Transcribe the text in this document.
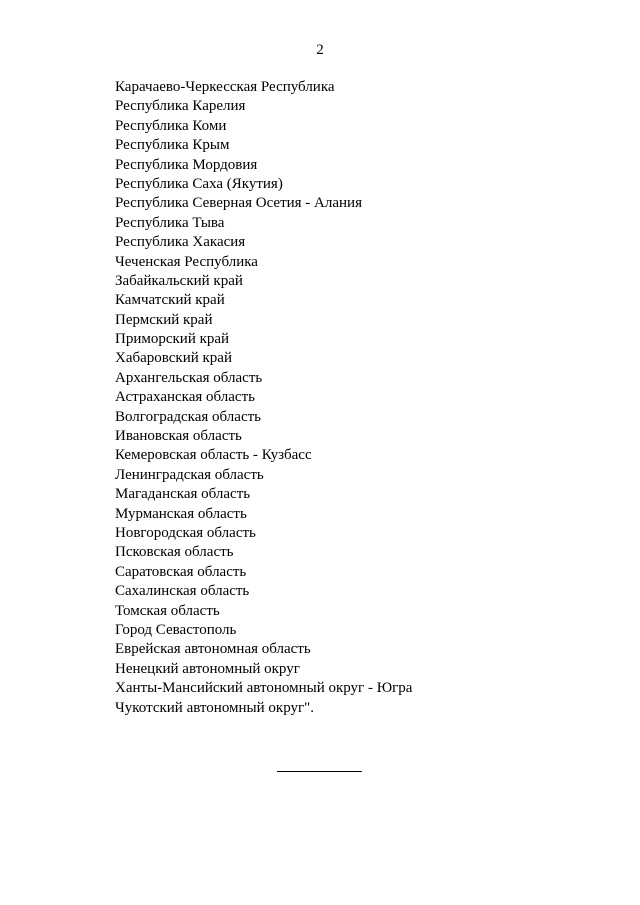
2
Карачаево-Черкесская Республика
Республика Карелия
Республика Коми
Республика Крым
Республика Мордовия
Республика Саха (Якутия)
Республика Северная Осетия - Алания
Республика Тыва
Республика Хакасия
Чеченская Республика
Забайкальский край
Камчатский край
Пермский край
Приморский край
Хабаровский край
Архангельская область
Астраханская область
Волгоградская область
Ивановская область
Кемеровская область - Кузбасс
Ленинградская область
Магаданская область
Мурманская область
Новгородская область
Псковская область
Саратовская область
Сахалинская область
Томская область
Город Севастополь
Еврейская автономная область
Ненецкий автономный округ
Ханты-Мансийский автономный округ - Югра
Чукотский автономный округ".
